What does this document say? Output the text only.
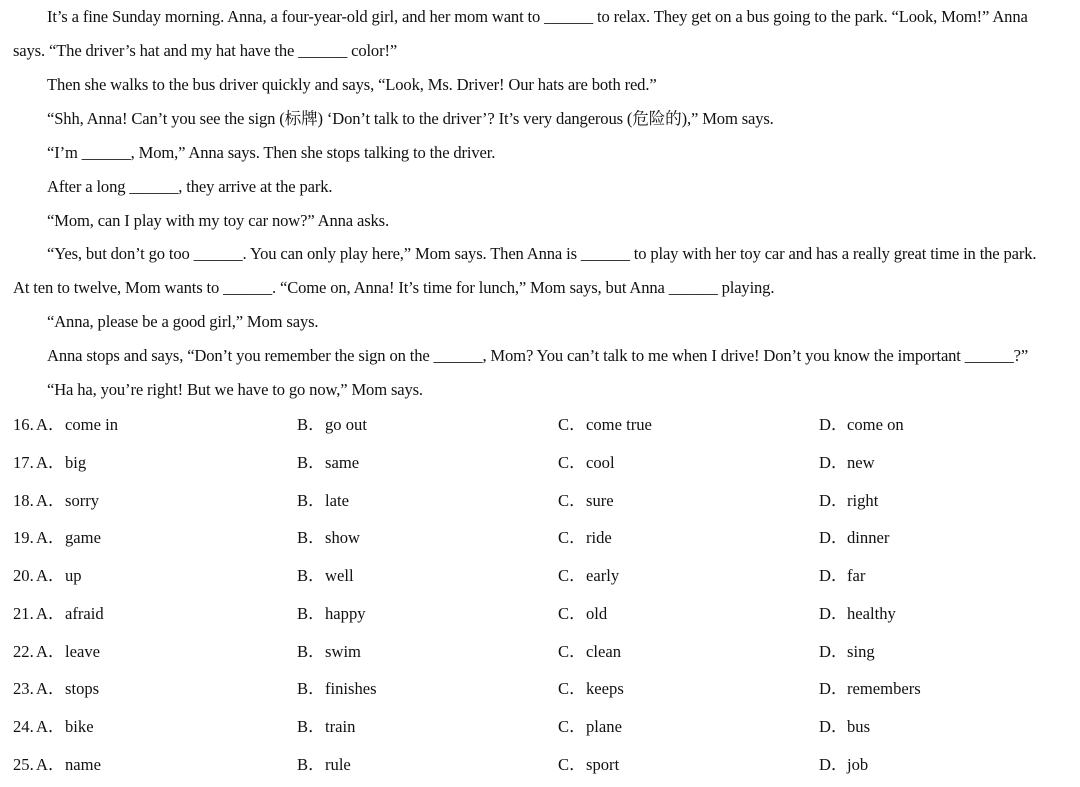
It’s a fine Sunday morning. Anna, a four-year-old girl, and her mom want to ______ to relax. They get on a bus going to the park. “Look, Mom!” Anna
says. “The driver’s hat and my hat have the ______ color!”
Then she walks to the bus driver quickly and says, “Look, Ms. Driver! Our hats are both red.”
“Shh, Anna! Can’t you see the sign (标牌) ‘Don’t talk to the driver’? It’s very dangerous (危险的),” Mom says.
“I’m ______, Mom,” Anna says. Then she stops talking to the driver.
After a long ______, they arrive at the park.
“Mom, can I play with my toy car now?” Anna asks.
“Yes, but don’t go too ______. You can only play here,” Mom says. Then Anna is ______ to play with her toy car and has a really great time in the park.
At ten to twelve, Mom wants to ______. “Come on, Anna! It’s time for lunch,” Mom says, but Anna ______ playing.
“Anna, please be a good girl,” Mom says.
Anna stops and says, “Don’t you remember the sign on the ______, Mom? You can’t talk to me when I drive! Don’t you know the important ______?”
“Ha ha, you’re right! But we have to go now,” Mom says.
16. A．come in	B．go out	C．come true	D．come on
17. A．big	B．same	C．cool	D．new
18. A．sorry	B．late	C．sure	D．right
19. A．game	B．show	C．ride	D．dinner
20. A．up	B．well	C．early	D．far
21. A．afraid	B．happy	C．old	D．healthy
22. A．leave	B．swim	C．clean	D．sing
23. A．stops	B．finishes	C．keeps	D．remembers
24. A．bike	B．train	C．plane	D．bus
25. A．name	B．rule	C．sport	D．job
